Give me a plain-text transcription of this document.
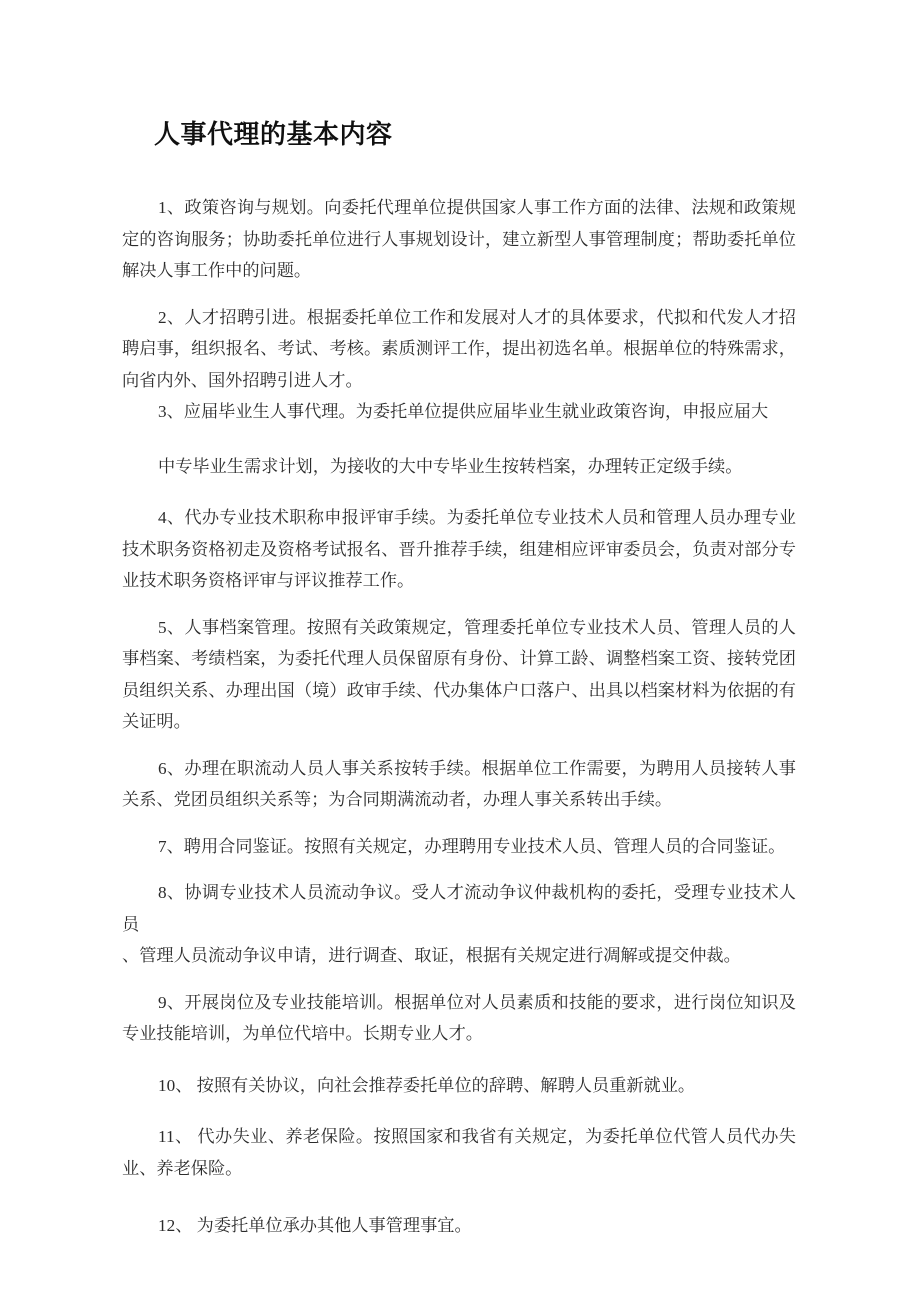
人事代理的基本内容

1、政策咨询与规划。向委托代理单位提供国家人事工作方面的法律、法规和政策规定的咨询服务；协助委托单位进行人事规划设计，建立新型人事管理制度；帮助委托单位解决人事工作中的问题。

2、人才招聘引进。根据委托单位工作和发展对人才的具体要求，代拟和代发人才招聘启事，组织报名、考试、考核。素质测评工作，提出初选名单。根据单位的特殊需求，向省内外、国外招聘引进人才。

3、应届毕业生人事代理。为委托单位提供应届毕业生就业政策咨询，申报应届大

中专毕业生需求计划，为接收的大中专毕业生按转档案，办理转正定级手续。

4、代办专业技术职称申报评审手续。为委托单位专业技术人员和管理人员办理专业技术职务资格初走及资格考试报名、晋升推荐手续，组建相应评审委员会，负责对部分专业技术职务资格评审与评议推荐工作。

5、人事档案管理。按照有关政策规定，管理委托单位专业技术人员、管理人员的人事档案、考绩档案，为委托代理人员保留原有身份、计算工龄、调整档案工资、接转党团员组织关系、办理出国（境）政审手续、代办集体户口落户、出具以档案材料为依据的有关证明。

6、办理在职流动人员人事关系按转手续。根据单位工作需要，为聘用人员接转人事关系、党团员组织关系等；为合同期满流动者，办理人事关系转出手续。

7、聘用合同鉴证。按照有关规定，办理聘用专业技术人员、管理人员的合同鉴证。

8、协调专业技术人员流动争议。受人才流动争议仲裁机构的委托，受理专业技术人 员

、管理人员流动争议申请，进行调查、取证，根据有关规定进行凋解或提交仲裁。

9、开展岗位及专业技能培训。根据单位对人员素质和技能的要求，进行岗位知识及 专业技能培训，为单位代培中。长期专业人才。

10、 按照有关协议，向社会推荐委托单位的辞聘、解聘人员重新就业。

11、 代办失业、养老保险。按照国家和我省有关规定，为委托单位代管人员代办失业、养老保险。

12、 为委托单位承办其他人事管理事宜。
